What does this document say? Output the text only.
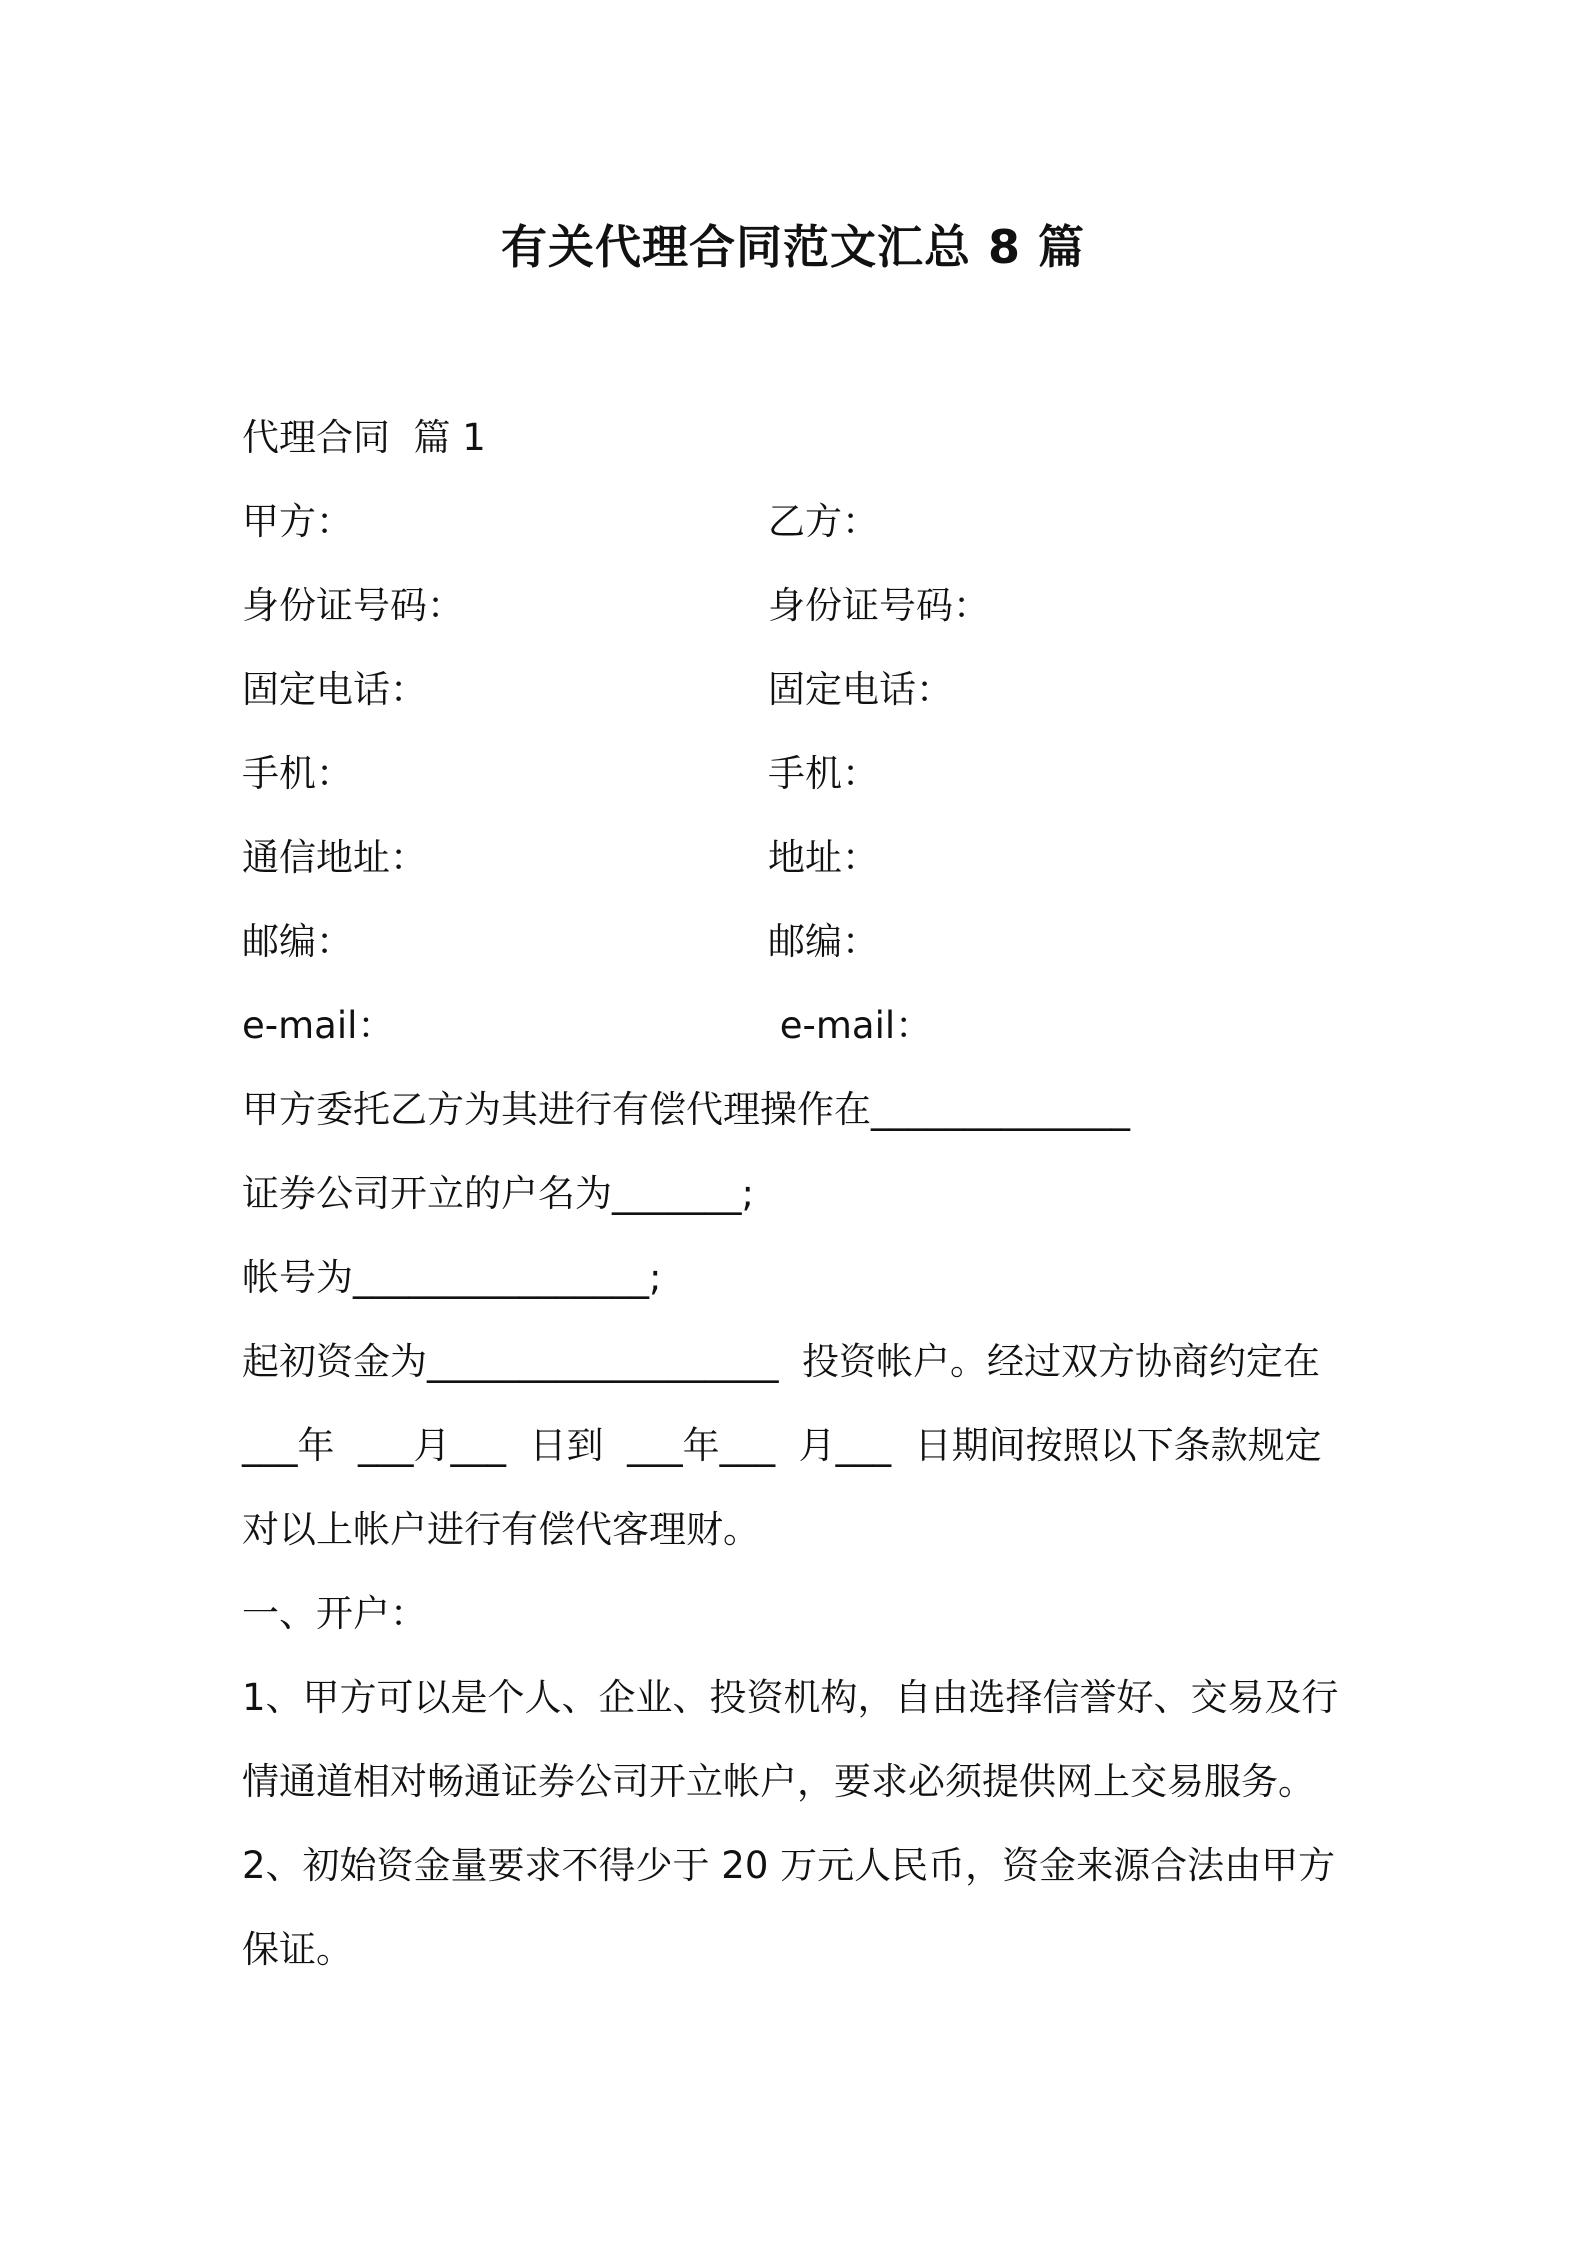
有关代理合同范文汇总 8 篇
代理合同  篇 1
甲方：	乙方：
身份证号码：	身份证号码：
固定电话：	固定电话：
手机：	手机：
通信地址：	地址：
邮编：	邮编：
e-mail：	e-mail：
甲方委托乙方为其进行有偿代理操作在______________
证券公司开立的户名为_______;
帐号为________________;
起初资金为___________________  投资帐户。经过双方协商约定在
___年  ___月___  日到  ___年___  月___  日期间按照以下条款规定
对以上帐户进行有偿代客理财。
一、开户：
1、甲方可以是个人、企业、投资机构，自由选择信誉好、交易及行
情通道相对畅通证券公司开立帐户，要求必须提供网上交易服务。
2、初始资金量要求不得少于 20 万元人民币，资金来源合法由甲方
保证。
